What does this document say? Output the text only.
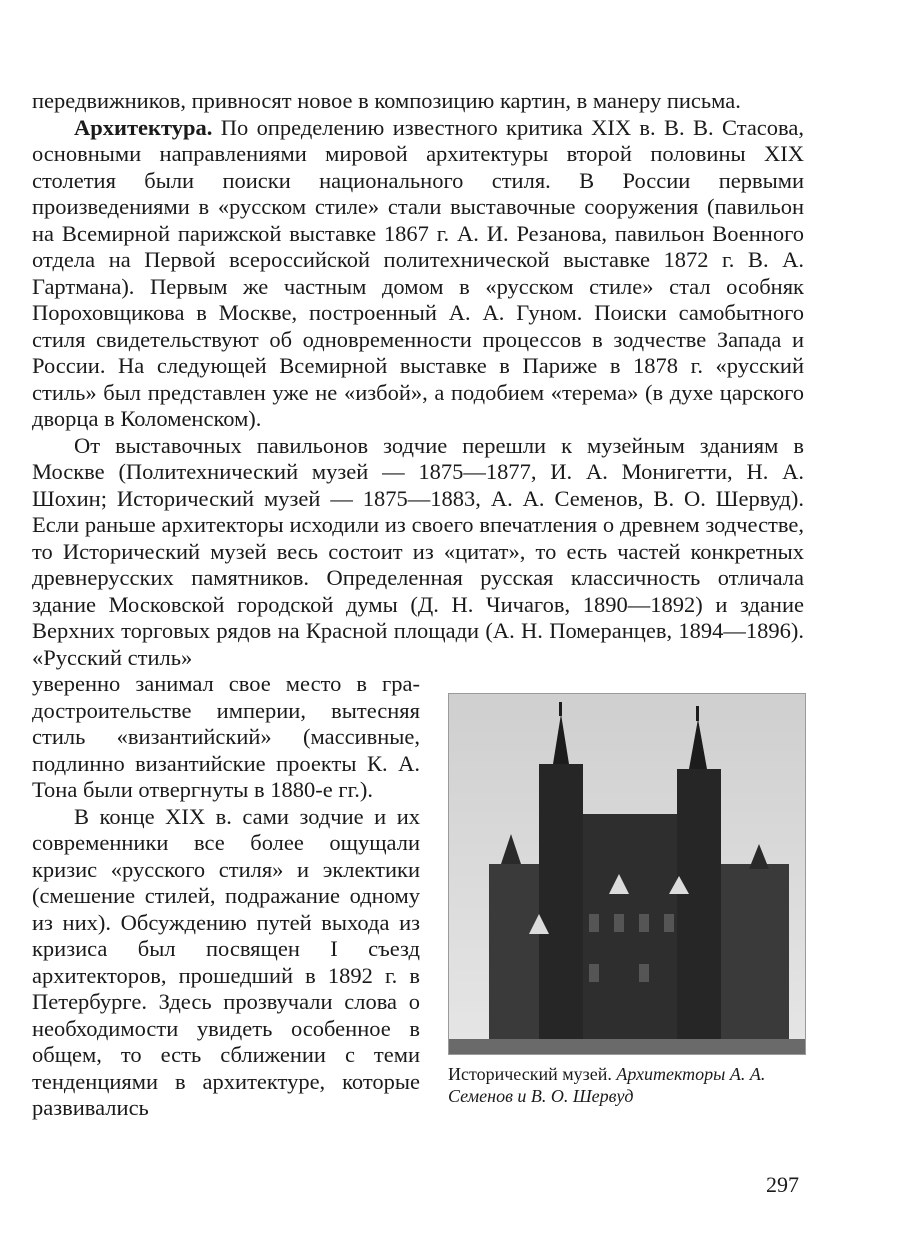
передвижников, привносят новое в композицию картин, в манеру письма.

Архитектура. По определению известного критика XIX в. В. В. Стасова, основными направлениями мировой архитектуры второй половины XIX столетия были поиски национального стиля. В России первыми произведениями в «русском стиле» стали выставочные сооружения (павильон на Всемирной парижской выставке 1867 г. А. И. Резанова, павильон Военного отдела на Первой всероссийской политехнической выставке 1872 г. В. А. Гартмана). Первым же частным домом в «русском стиле» стал особняк Пороховщикова в Москве, построенный А. А. Гуном. Поиски самобытного стиля свидетельствуют об одновременности процессов в зодчестве Запада и России. На следующей Всемирной выставке в Париже в 1878 г. «русский стиль» был представлен уже не «избой», а подобием «терема» (в духе царского дворца в Коломенском).

От выставочных павильонов зодчие перешли к музейным зданиям в Москве (Политехнический музей — 1875—1877, И. А. Монигетти, Н. А. Шохин; Исторический музей — 1875—1883, А. А. Семенов, В. О. Шервуд). Если раньше архитекторы исходили из своего впечатления о древнем зодчестве, то Исторический музей весь состоит из «цитат», то есть частей конкретных древнерусских памятников. Определенная русская классичность отличала здание Московской городской думы (Д. Н. Чичагов, 1890—1892) и здание Верхних торговых рядов на Красной площади (А. Н. Померанцев, 1894—1896). «Русский стиль»

Исторический музей. Архитекторы А. А. Семенов и В. О. Шервуд

уверенно занимал свое место в градостроительстве империи, вытесняя стиль «византийский» (массивные, подлинно византийские проекты К. А. Тона были отвергнуты в 1880-е гг.).

В конце XIX в. сами зодчие и их современники все более ощущали кризис «русского стиля» и эклектики (смешение стилей, подражание одному из них). Обсуждению путей выхода из кризиса был посвящен I съезд архитекторов, прошедший в 1892 г. в Петербурге. Здесь прозвучали слова о необходимости увидеть особенное в общем, то есть сближении с теми тенденциями в архитектуре, которые развивались

297
